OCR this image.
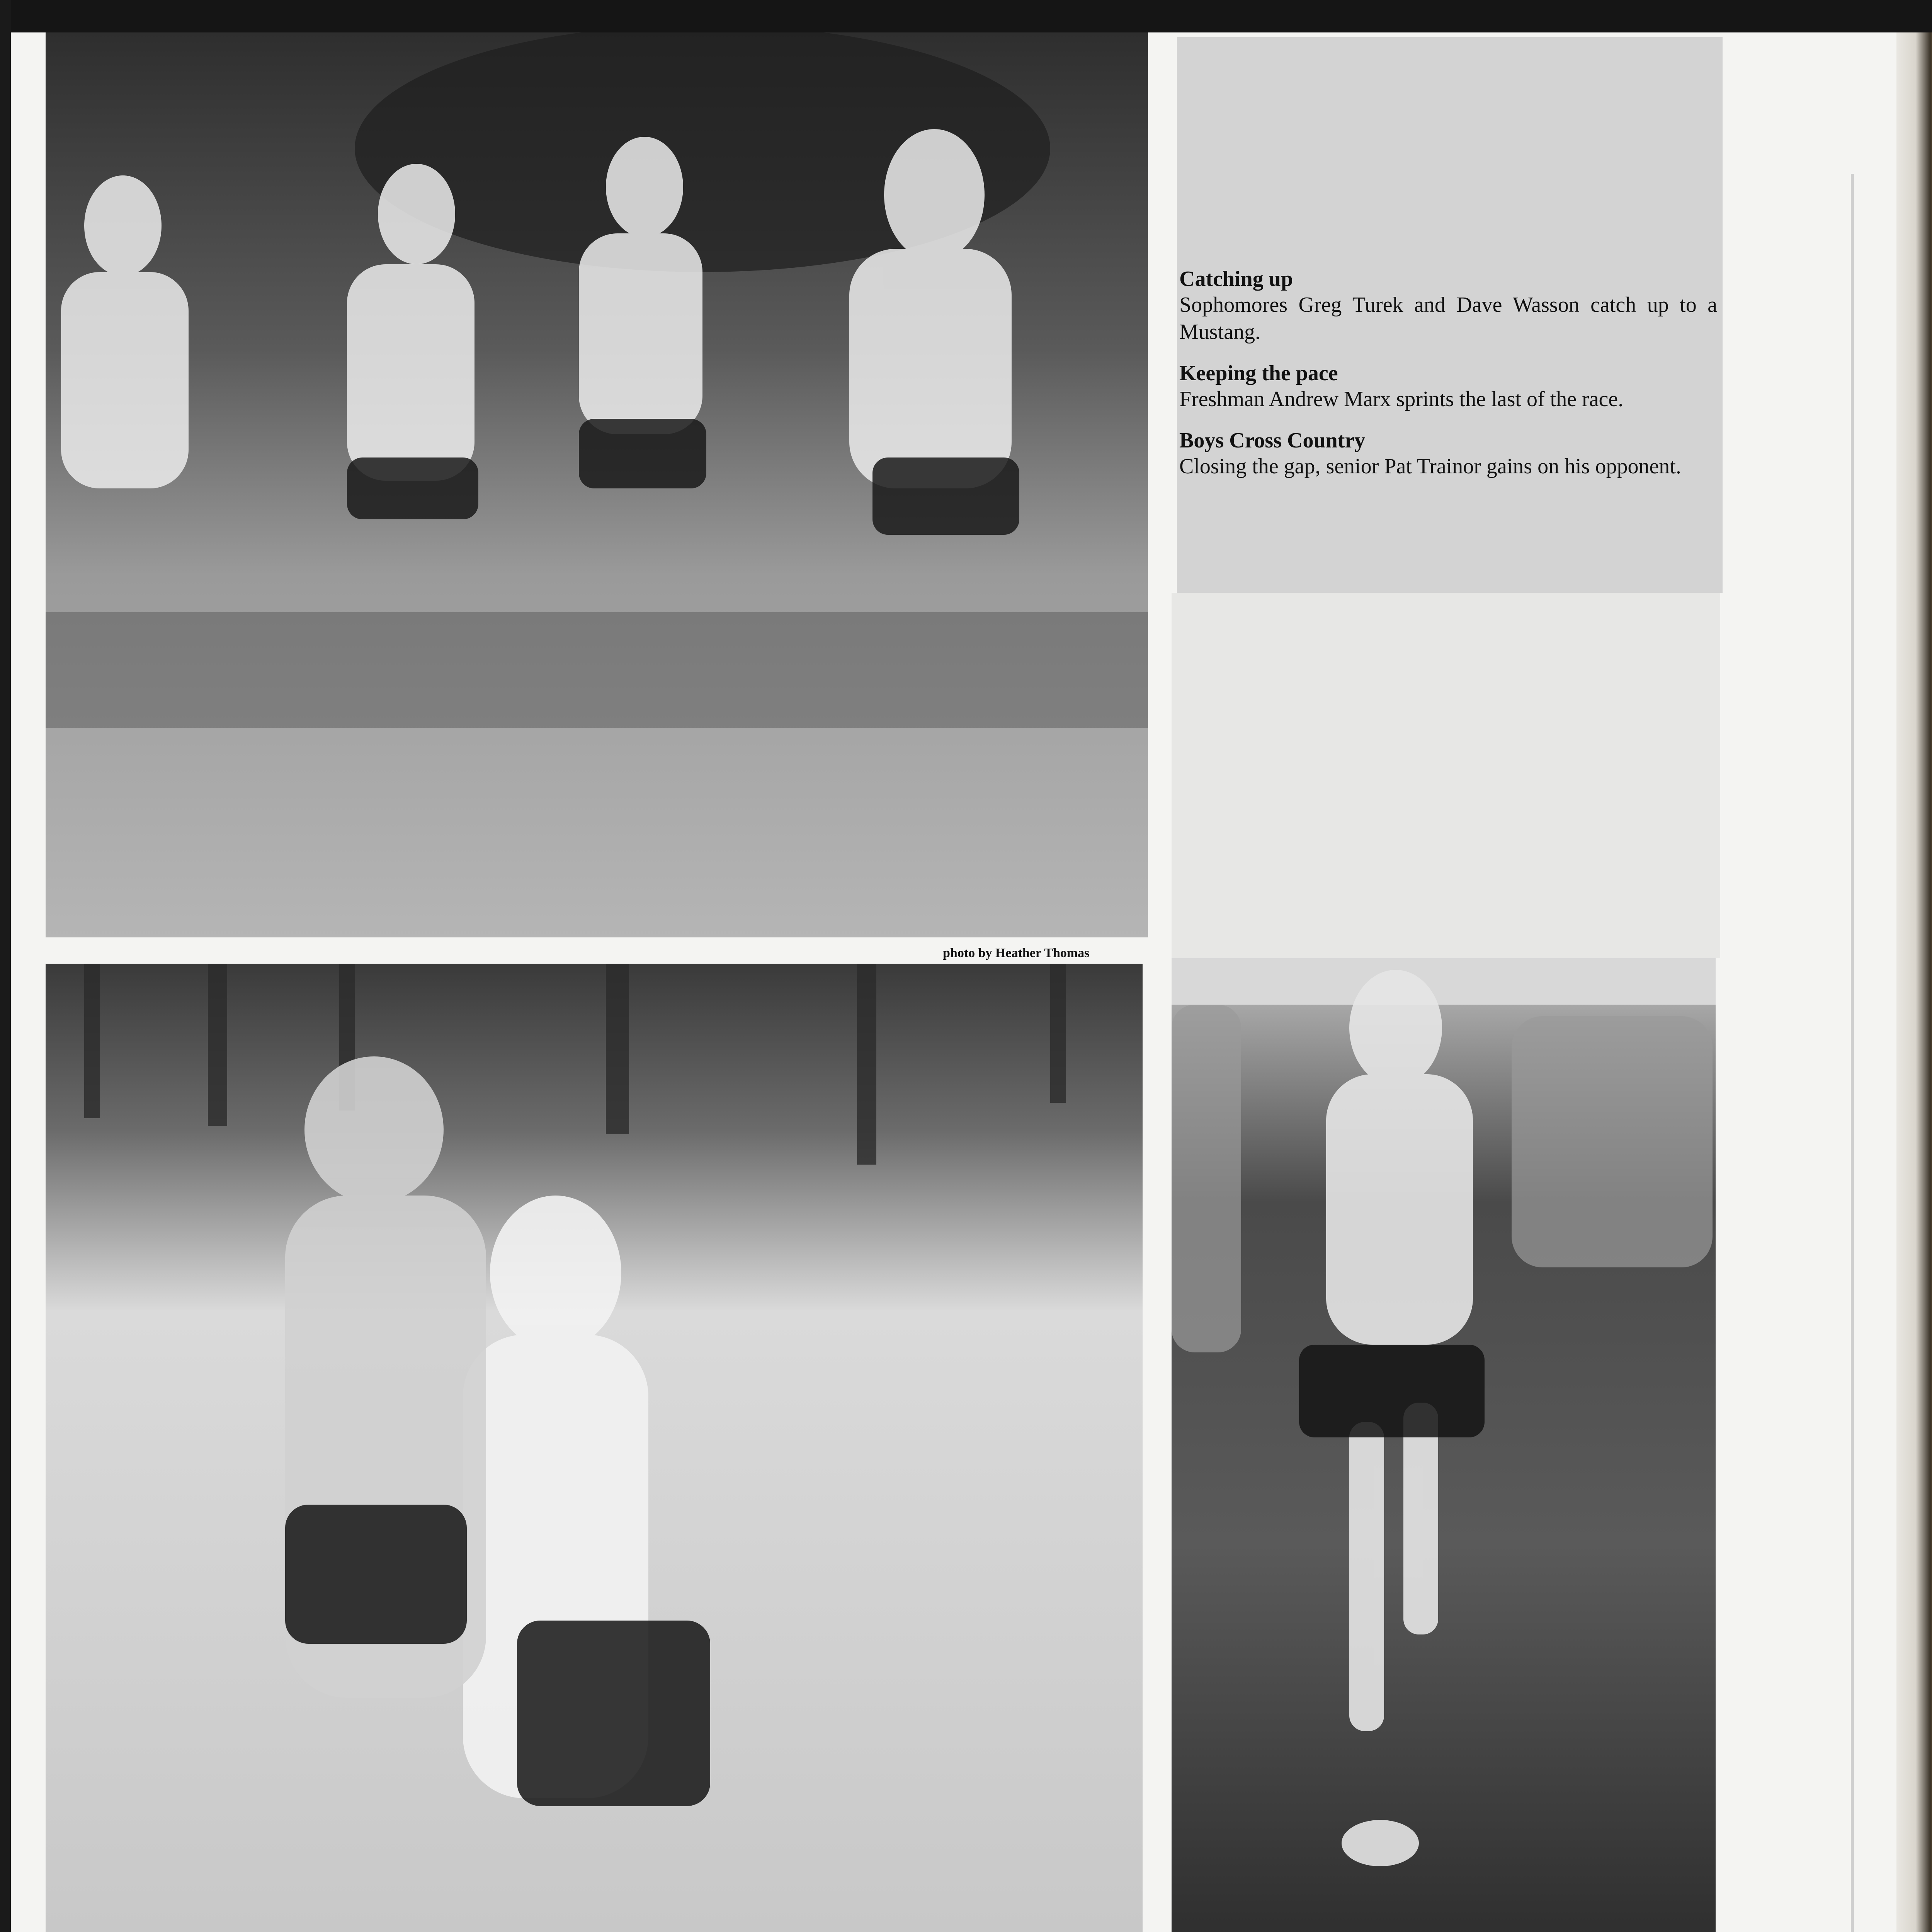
photo by Heather Thomas

Catching up

Sophomores Greg Turek and Dave Wasson catch up to a Mustang.

Keeping the pace

Freshman Andrew Marx sprints the last of the race.

Boys Cross Country

Closing the gap, senior Pat Trainor gains on his opponent.
